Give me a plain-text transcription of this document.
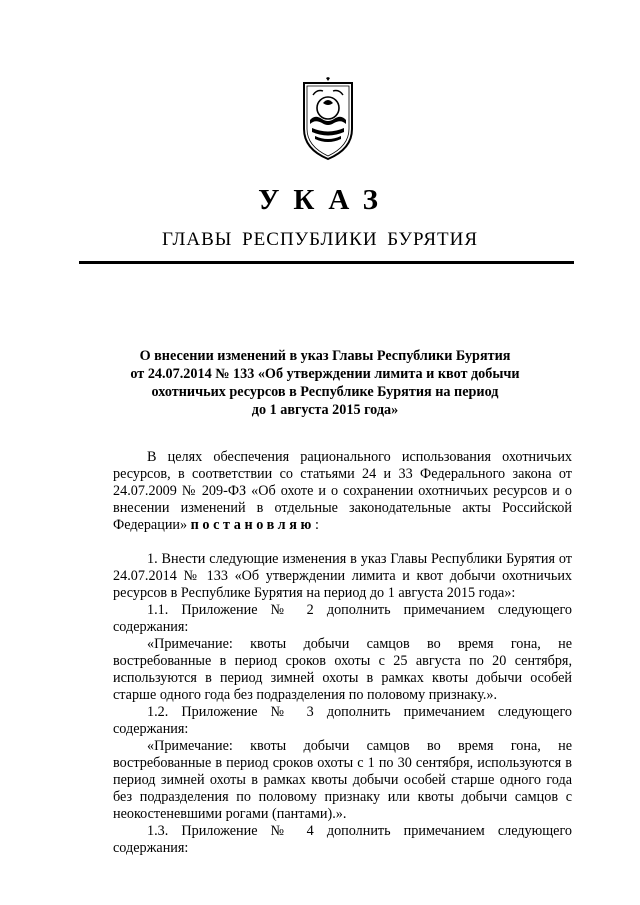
УКАЗ
ГЛАВЫ РЕСПУБЛИКИ БУРЯТИЯ
О внесении изменений в указ Главы Республики Бурятия
от 24.07.2014 № 133 «Об утверждении лимита и квот добычи
охотничьих ресурсов в Республике Бурятия на период
до 1 августа 2015 года»

В целях обеспечения рационального использования охотничьих ресурсов, в соответствии со статьями 24 и 33 Федерального закона от 24.07.2009 № 209-ФЗ «Об охоте и о сохранении охотничьих ресурсов и о внесении изменений в отдельные законодательные акты Российской Федерации» постановляю:

1. Внести следующие изменения в указ Главы Республики Бурятия от 24.07.2014 № 133 «Об утверждении лимита и квот добычи охотничьих ресурсов в Республике Бурятия на период до 1 августа 2015 года»:

1.1. Приложение № 2 дополнить примечанием следующего содержания:

«Примечание: квоты добычи самцов во время гона, не востребованные в период сроков охоты с 25 августа по 20 сентября, используются в период зимней охоты в рамках квоты добычи особей старше одного года без подразделения по половому признаку.».

1.2. Приложение № 3 дополнить примечанием следующего содержания:

«Примечание: квоты добычи самцов во время гона, не востребованные в период сроков охоты с 1 по 30 сентября, используются в период зимней охоты в рамках квоты добычи особей старше одного года без подразделения по половому признаку или квоты добычи самцов с неокостеневшими рогами (пантами).».

1.3. Приложение № 4 дополнить примечанием следующего содержания:
